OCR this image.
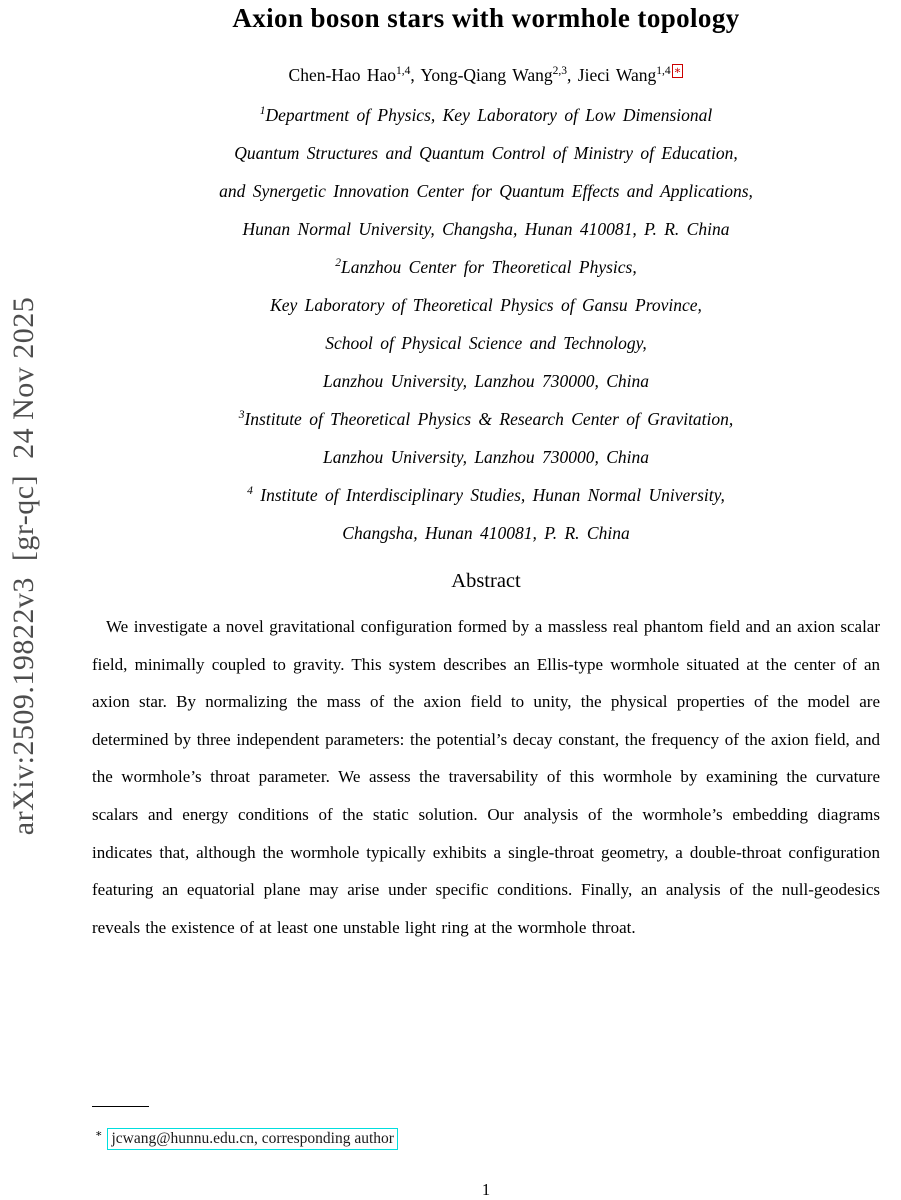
arXiv:2509.19822v3  [gr-qc]  24 Nov 2025
Axion boson stars with wormhole topology
Chen-Hao Hao$^{1,4}$, Yong-Qiang Wang$^{2,3}$, Jieci Wang$^{1,4 ∗}$
$^1$Department of Physics, Key Laboratory of Low Dimensional
Quantum Structures and Quantum Control of Ministry of Education,
and Synergetic Innovation Center for Quantum Effects and Applications,
Hunan Normal University, Changsha, Hunan 410081, P. R. China
$^2$Lanzhou Center for Theoretical Physics,
Key Laboratory of Theoretical Physics of Gansu Province,
School of Physical Science and Technology,
Lanzhou University, Lanzhou 730000, China
$^3$Institute of Theoretical Physics & Research Center of Gravitation,
Lanzhou University, Lanzhou 730000, China
$^4$ Institute of Interdisciplinary Studies, Hunan Normal University,
Changsha, Hunan 410081, P. R. China
Abstract

We investigate a novel gravitational configuration formed by a massless real phantom field and an axion scalar field, minimally coupled to gravity. This system describes an Ellis-type wormhole situated at the center of an axion star. By normalizing the mass of the axion field to unity, the physical properties of the model are determined by three independent parameters: the potential’s decay constant, the frequency of the axion field, and the wormhole’s throat parameter. We assess the traversability of this wormhole by examining the curvature scalars and energy conditions of the static solution. Our analysis of the wormhole’s embedding diagrams indicates that, although the wormhole typically exhibits a single-throat geometry, a double-throat configuration featuring an equatorial plane may arise under specific conditions. Finally, an analysis of the null-geodesics reveals the existence of at least one unstable light ring at the wormhole throat.

∗ jcwang@hunnu.edu.cn, corresponding author
1
